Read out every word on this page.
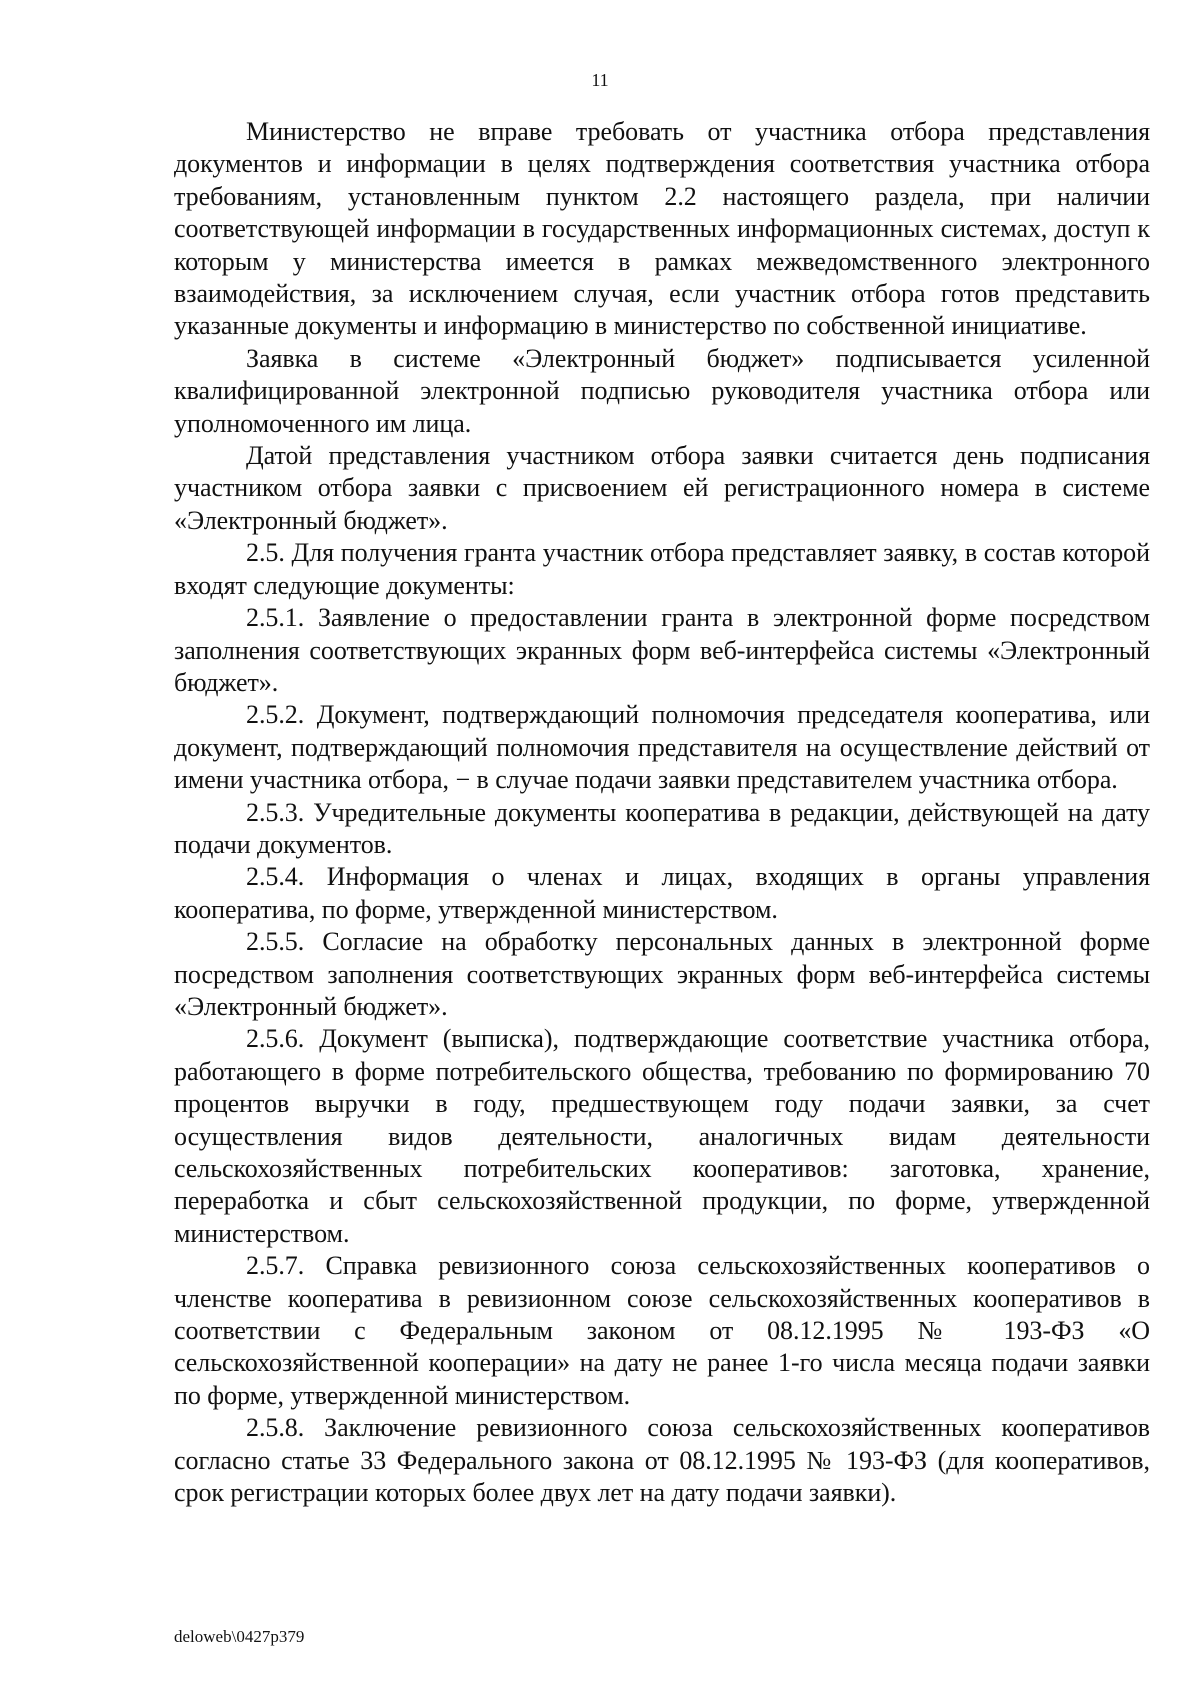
11

Министерство не вправе требовать от участника отбора представления документов и информации в целях подтверждения соответствия участника отбора требованиям, установленным пунктом 2.2 настоящего раздела, при наличии соответствующей информации в государственных информационных системах, доступ к которым у министерства имеется в рамках межведомственного электронного взаимодействия, за исключением случая, если участник отбора готов представить указанные документы и информацию в министерство по собственной инициативе.

Заявка в системе «Электронный бюджет» подписывается усиленной квалифицированной электронной подписью руководителя участника отбора или уполномоченного им лица.

Датой представления участником отбора заявки считается день подписания участником отбора заявки с присвоением ей регистрационного номера в системе «Электронный бюджет».

2.5. Для получения гранта участник отбора представляет заявку, в состав которой входят следующие документы:

2.5.1. Заявление о предоставлении гранта в электронной форме посредством заполнения соответствующих экранных форм веб-интерфейса системы «Электронный бюджет».

2.5.2. Документ, подтверждающий полномочия председателя кооператива, или документ, подтверждающий полномочия представителя на осуществление действий от имени участника отбора, − в случае подачи заявки представителем участника отбора.

2.5.3. Учредительные документы кооператива в редакции, действующей на дату подачи документов.

2.5.4. Информация о членах и лицах, входящих в органы управления кооператива, по форме, утвержденной министерством.

2.5.5. Согласие на обработку персональных данных в электронной форме посредством заполнения соответствующих экранных форм веб-интерфейса системы «Электронный бюджет».

2.5.6. Документ (выписка), подтверждающие соответствие участника отбора, работающего в форме потребительского общества, требованию по формированию 70 процентов выручки в году, предшествующем году подачи заявки, за счет осуществления видов деятельности, аналогичных видам деятельности сельскохозяйственных потребительских кооперативов: заготовка, хранение, переработка и сбыт сельскохозяйственной продукции, по форме, утвержденной министерством.

2.5.7. Справка ревизионного союза сельскохозяйственных кооперативов о членстве кооператива в ревизионном союзе сельскохозяйственных кооперативов в соответствии с Федеральным законом от 08.12.1995 № 193-ФЗ «О сельскохозяйственной кооперации» на дату не ранее 1-го числа месяца подачи заявки по форме, утвержденной министерством.

2.5.8. Заключение ревизионного союза сельскохозяйственных кооперативов согласно статье 33 Федерального закона от 08.12.1995 № 193-ФЗ (для кооперативов, срок регистрации которых более двух лет на дату подачи заявки).

deloweb\0427p379
